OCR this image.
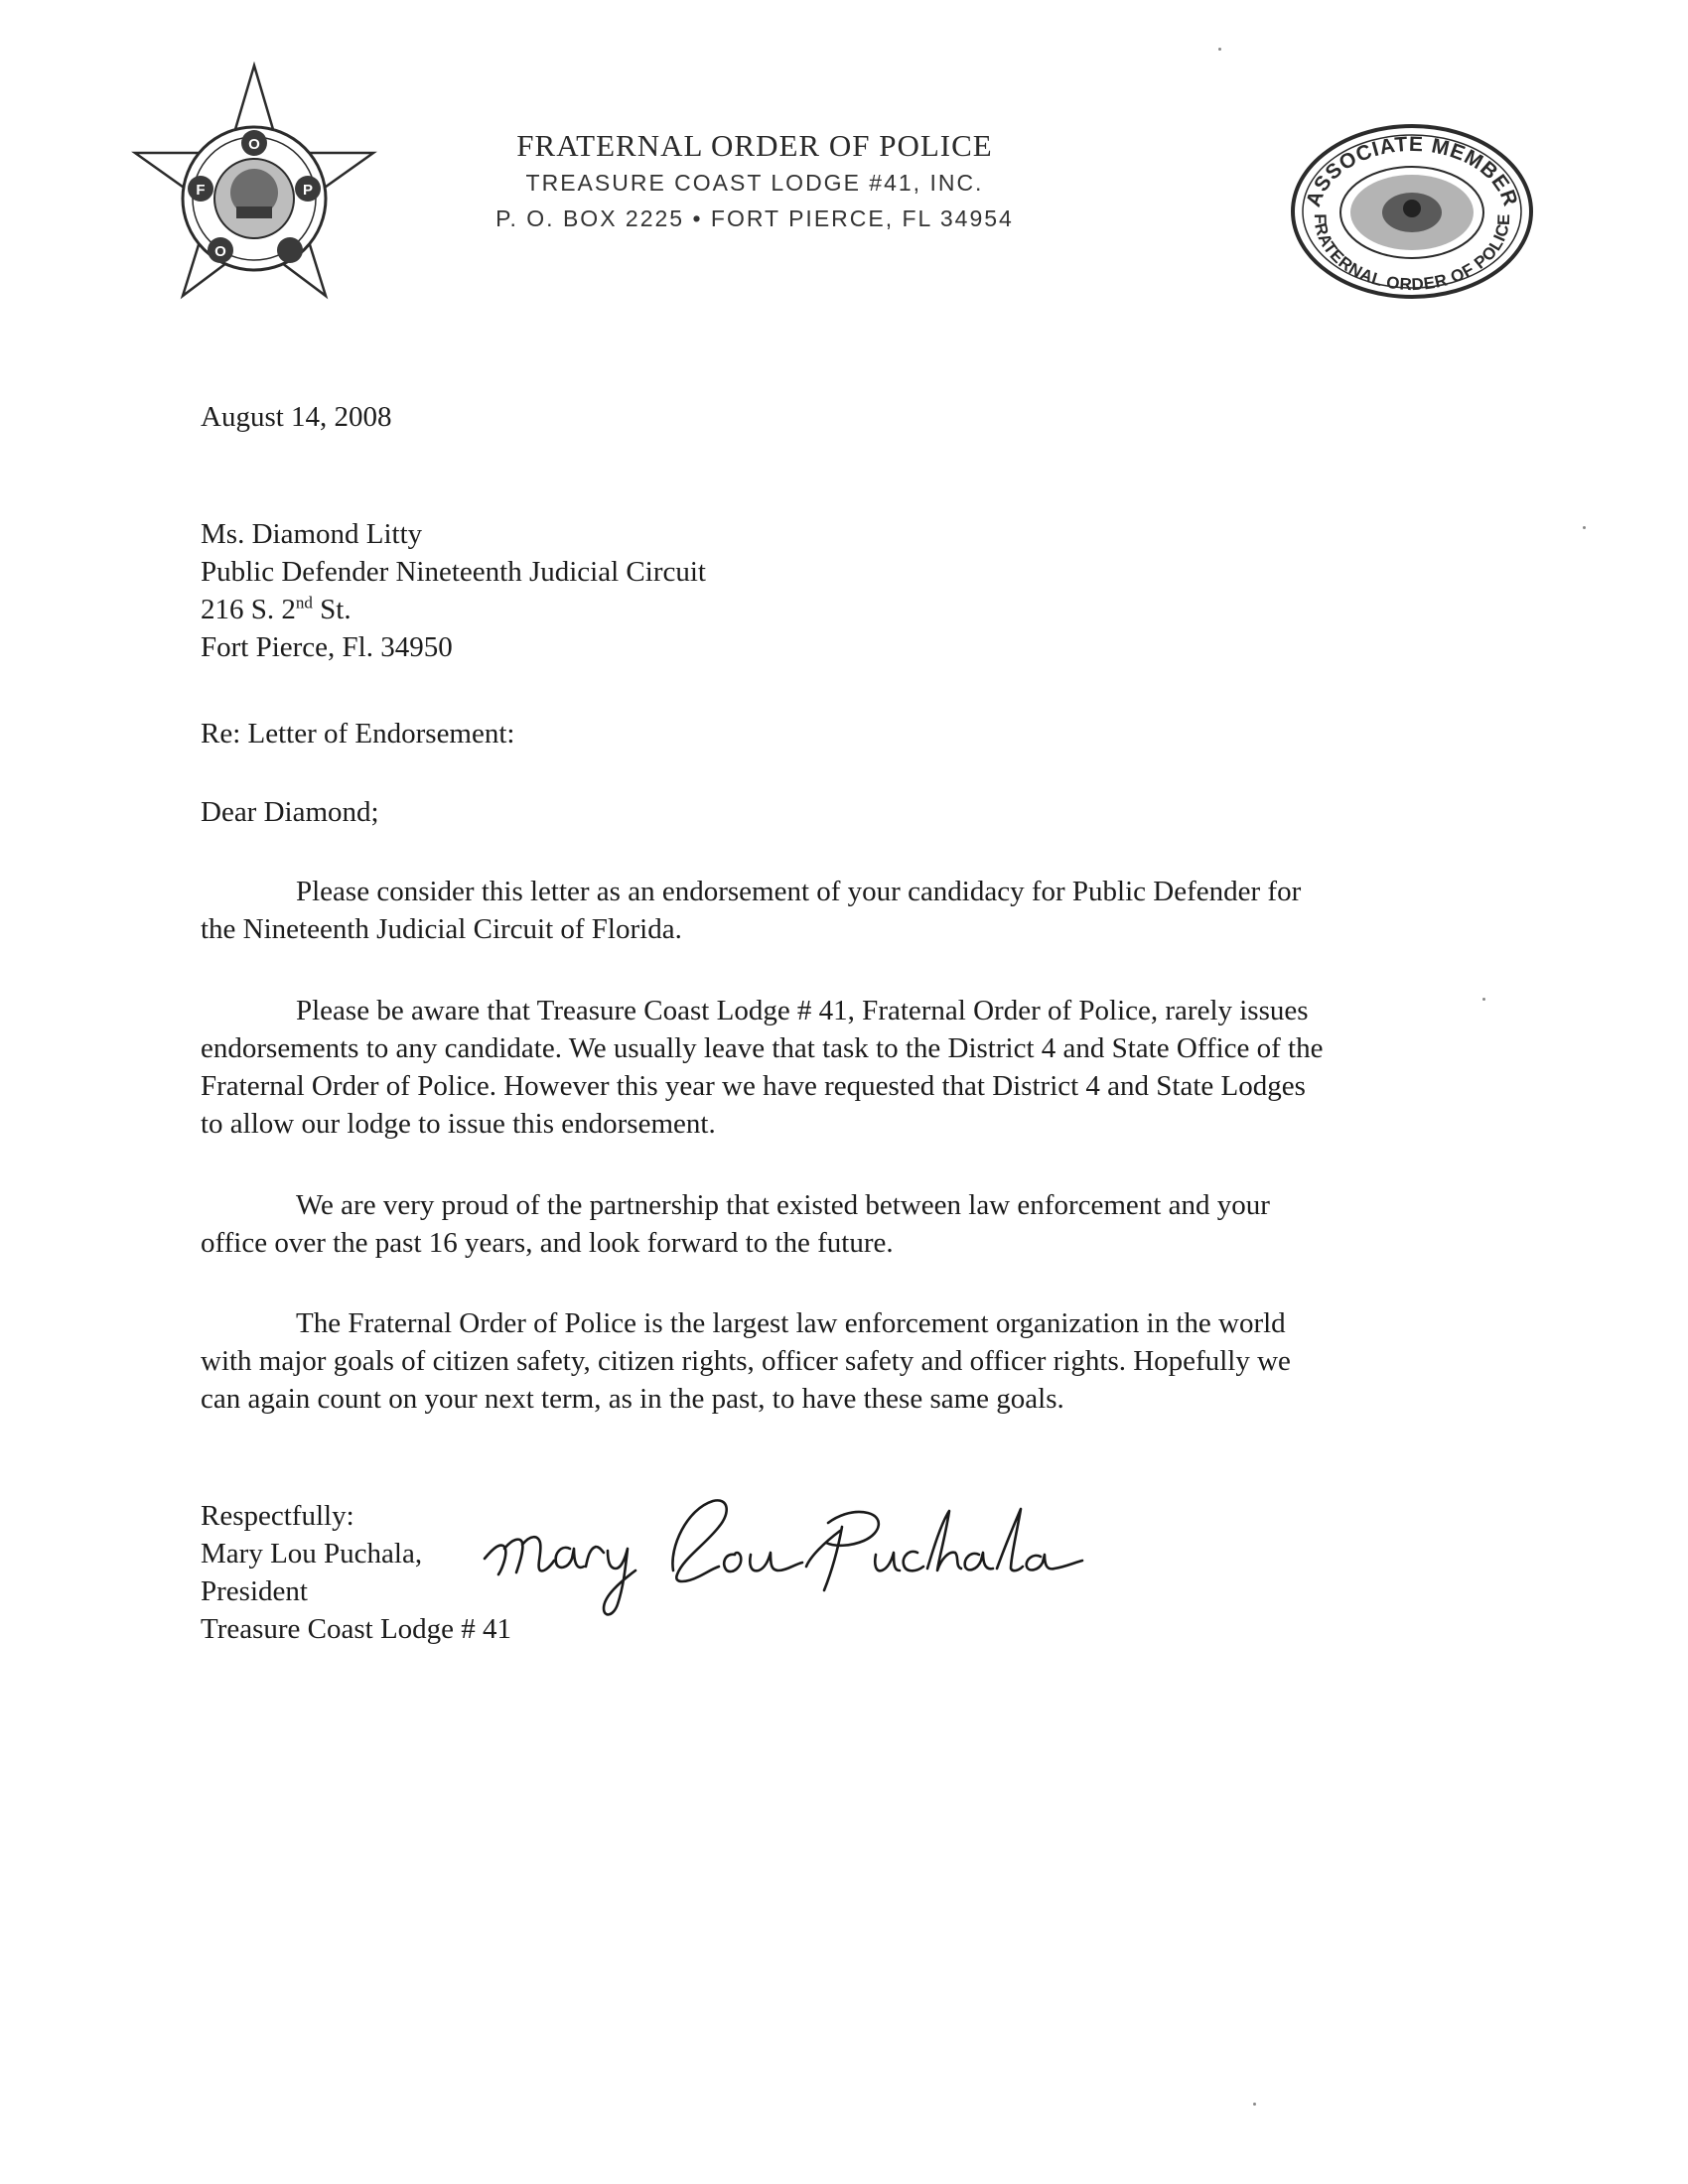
O
F	P
O
FRATERNAL ORDER OF POLICE
TREASURE COAST LODGE #41, INC.
P. O. BOX 2225 • FORT PIERCE, FL 34954
ASSOCIATE MEMBER
FRATERNAL ORDER OF POLICE
August 14, 2008
Ms. Diamond Litty
Public Defender Nineteenth Judicial Circuit
216 S. 2nd St.
Fort Pierce, Fl. 34950
Re: Letter of Endorsement:
Dear Diamond;

Please consider this letter as an endorsement of your candidacy for Public Defender for

the Nineteenth Judicial Circuit of Florida.

Please be aware that Treasure Coast Lodge # 41, Fraternal Order of Police, rarely issues

endorsements to any candidate. We usually leave that task to the District 4 and State Office of the

Fraternal Order of Police. However this year we have requested that District 4 and State Lodges

to allow our lodge to issue this endorsement.

We are very proud of the partnership that existed between law enforcement and your

office over the past 16 years, and look forward to the future.

The Fraternal Order of Police is the largest law enforcement organization in the world

with major goals of citizen safety, citizen rights, officer safety and officer rights. Hopefully we

can again count on your next term, as in the past, to have these same goals.

Respectfully:
Mary Lou Puchala,
President
Treasure Coast Lodge # 41
